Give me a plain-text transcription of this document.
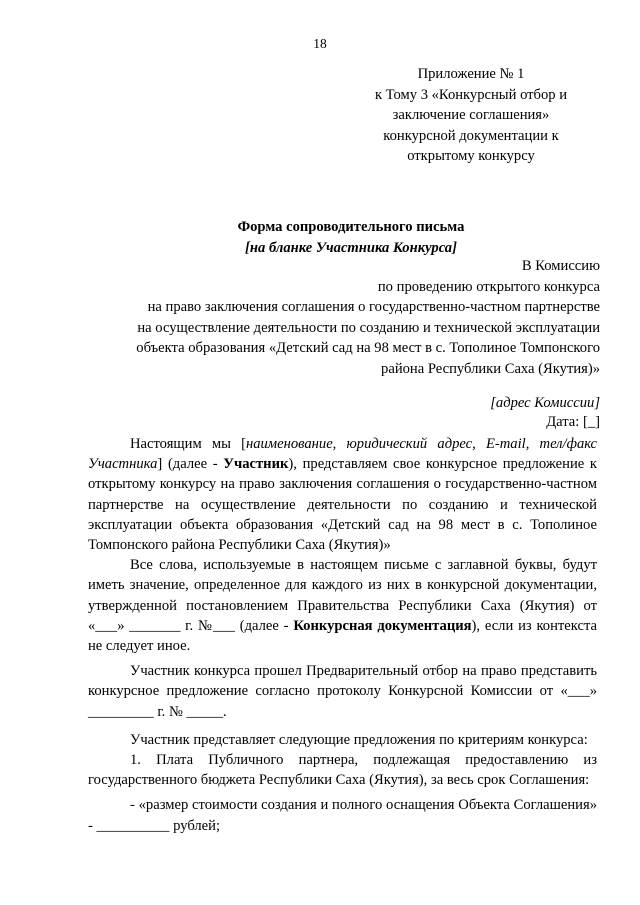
18
Приложение № 1
к Тому 3 «Конкурсный отбор и
заключение соглашения»
конкурсной документации к
открытому конкурсу
Форма сопроводительного письма
[на бланке Участника Конкурса]
В Комиссию
по проведению открытого конкурса
на право заключения соглашения о государственно-частном партнерстве
на осуществление деятельности по созданию и технической эксплуатации
объекта образования «Детский сад на 98 мест в с. Тополиное Томпонского
района Республики Саха (Якутия)»
[адрес Комиссии]
Дата: [_]

Настоящим мы [наименование, юридический адрес, E-mail, тел/факс Участника] (далее - Участник), представляем свое конкурсное предложение к открытому конкурсу на право заключения соглашения о государственно-частном партнерстве на осуществление деятельности по созданию и технической эксплуатации объекта образования «Детский сад на 98 мест в с. Тополиное Томпонского района Республики Саха (Якутия)»

Все слова, используемые в настоящем письме с заглавной буквы, будут иметь значение, определенное для каждого из них в конкурсной документации, утвержденной постановлением Правительства Республики Саха (Якутия) от «___» _______ г. №___ (далее - Конкурсная документация), если из контекста не следует иное.

Участник конкурса прошел Предварительный отбор на право представить конкурсное предложение согласно протоколу Конкурсной Комиссии от «___» _________ г. № _____.

Участник представляет следующие предложения по критериям конкурса:

1. Плата Публичного партнера, подлежащая предоставлению из государственного бюджета Республики Саха (Якутия), за весь срок Соглашения:

- «размер стоимости создания и полного оснащения Объекта Соглашения» - __________ рублей;
